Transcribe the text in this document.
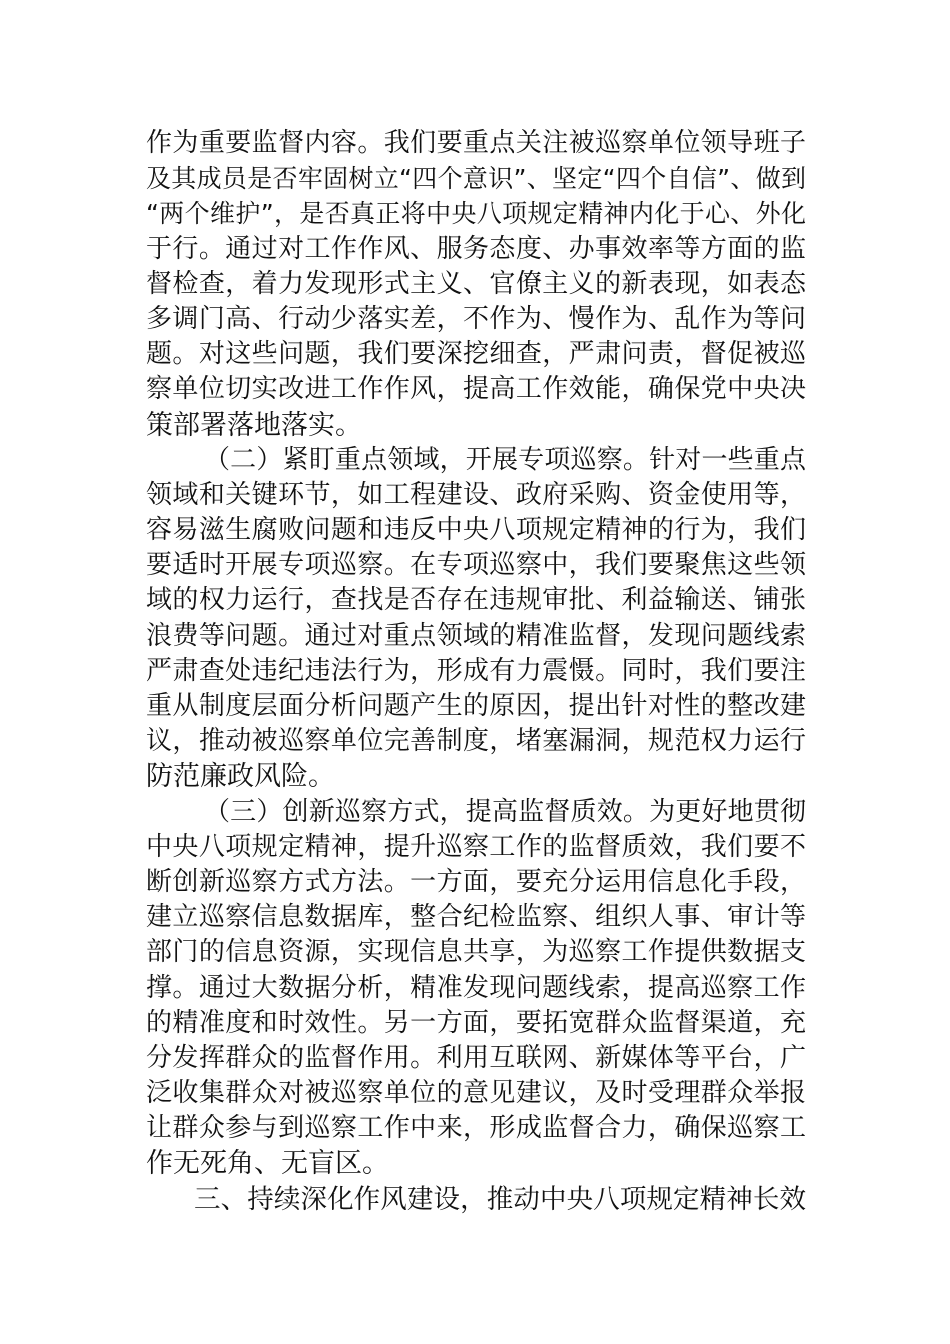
作为重要监督内容。我们要重点关注被巡察单位领导班子
及其成员是否牢固树立“四个意识”、坚定“四个自信”、做到
“两个维护”，是否真正将中央八项规定精神内化于心、外化
于行。通过对工作作风、服务态度、办事效率等方面的监
督检查，着力发现形式主义、官僚主义的新表现，如表态
多调门高、行动少落实差，不作为、慢作为、乱作为等问
题。对这些问题，我们要深挖细查，严肃问责，督促被巡
察单位切实改进工作作风，提高工作效能，确保党中央决
策部署落地落实。
（二）紧盯重点领域，开展专项巡察。针对一些重点
领域和关键环节，如工程建设、政府采购、资金使用等，
容易滋生腐败问题和违反中央八项规定精神的行为，我们
要适时开展专项巡察。在专项巡察中，我们要聚焦这些领
域的权力运行，查找是否存在违规审批、利益输送、铺张
浪费等问题。通过对重点领域的精准监督，发现问题线索
严肃查处违纪违法行为，形成有力震慑。同时，我们要注
重从制度层面分析问题产生的原因，提出针对性的整改建
议，推动被巡察单位完善制度，堵塞漏洞，规范权力运行
防范廉政风险。
（三）创新巡察方式，提高监督质效。为更好地贯彻
中央八项规定精神，提升巡察工作的监督质效，我们要不
断创新巡察方式方法。一方面，要充分运用信息化手段，
建立巡察信息数据库，整合纪检监察、组织人事、审计等
部门的信息资源，实现信息共享，为巡察工作提供数据支
撑。通过大数据分析，精准发现问题线索，提高巡察工作
的精准度和时效性。另一方面，要拓宽群众监督渠道，充
分发挥群众的监督作用。利用互联网、新媒体等平台，广
泛收集群众对被巡察单位的意见建议，及时受理群众举报
让群众参与到巡察工作中来，形成监督合力，确保巡察工
作无死角、无盲区。
三、持续深化作风建设，推动中央八项规定精神长效
